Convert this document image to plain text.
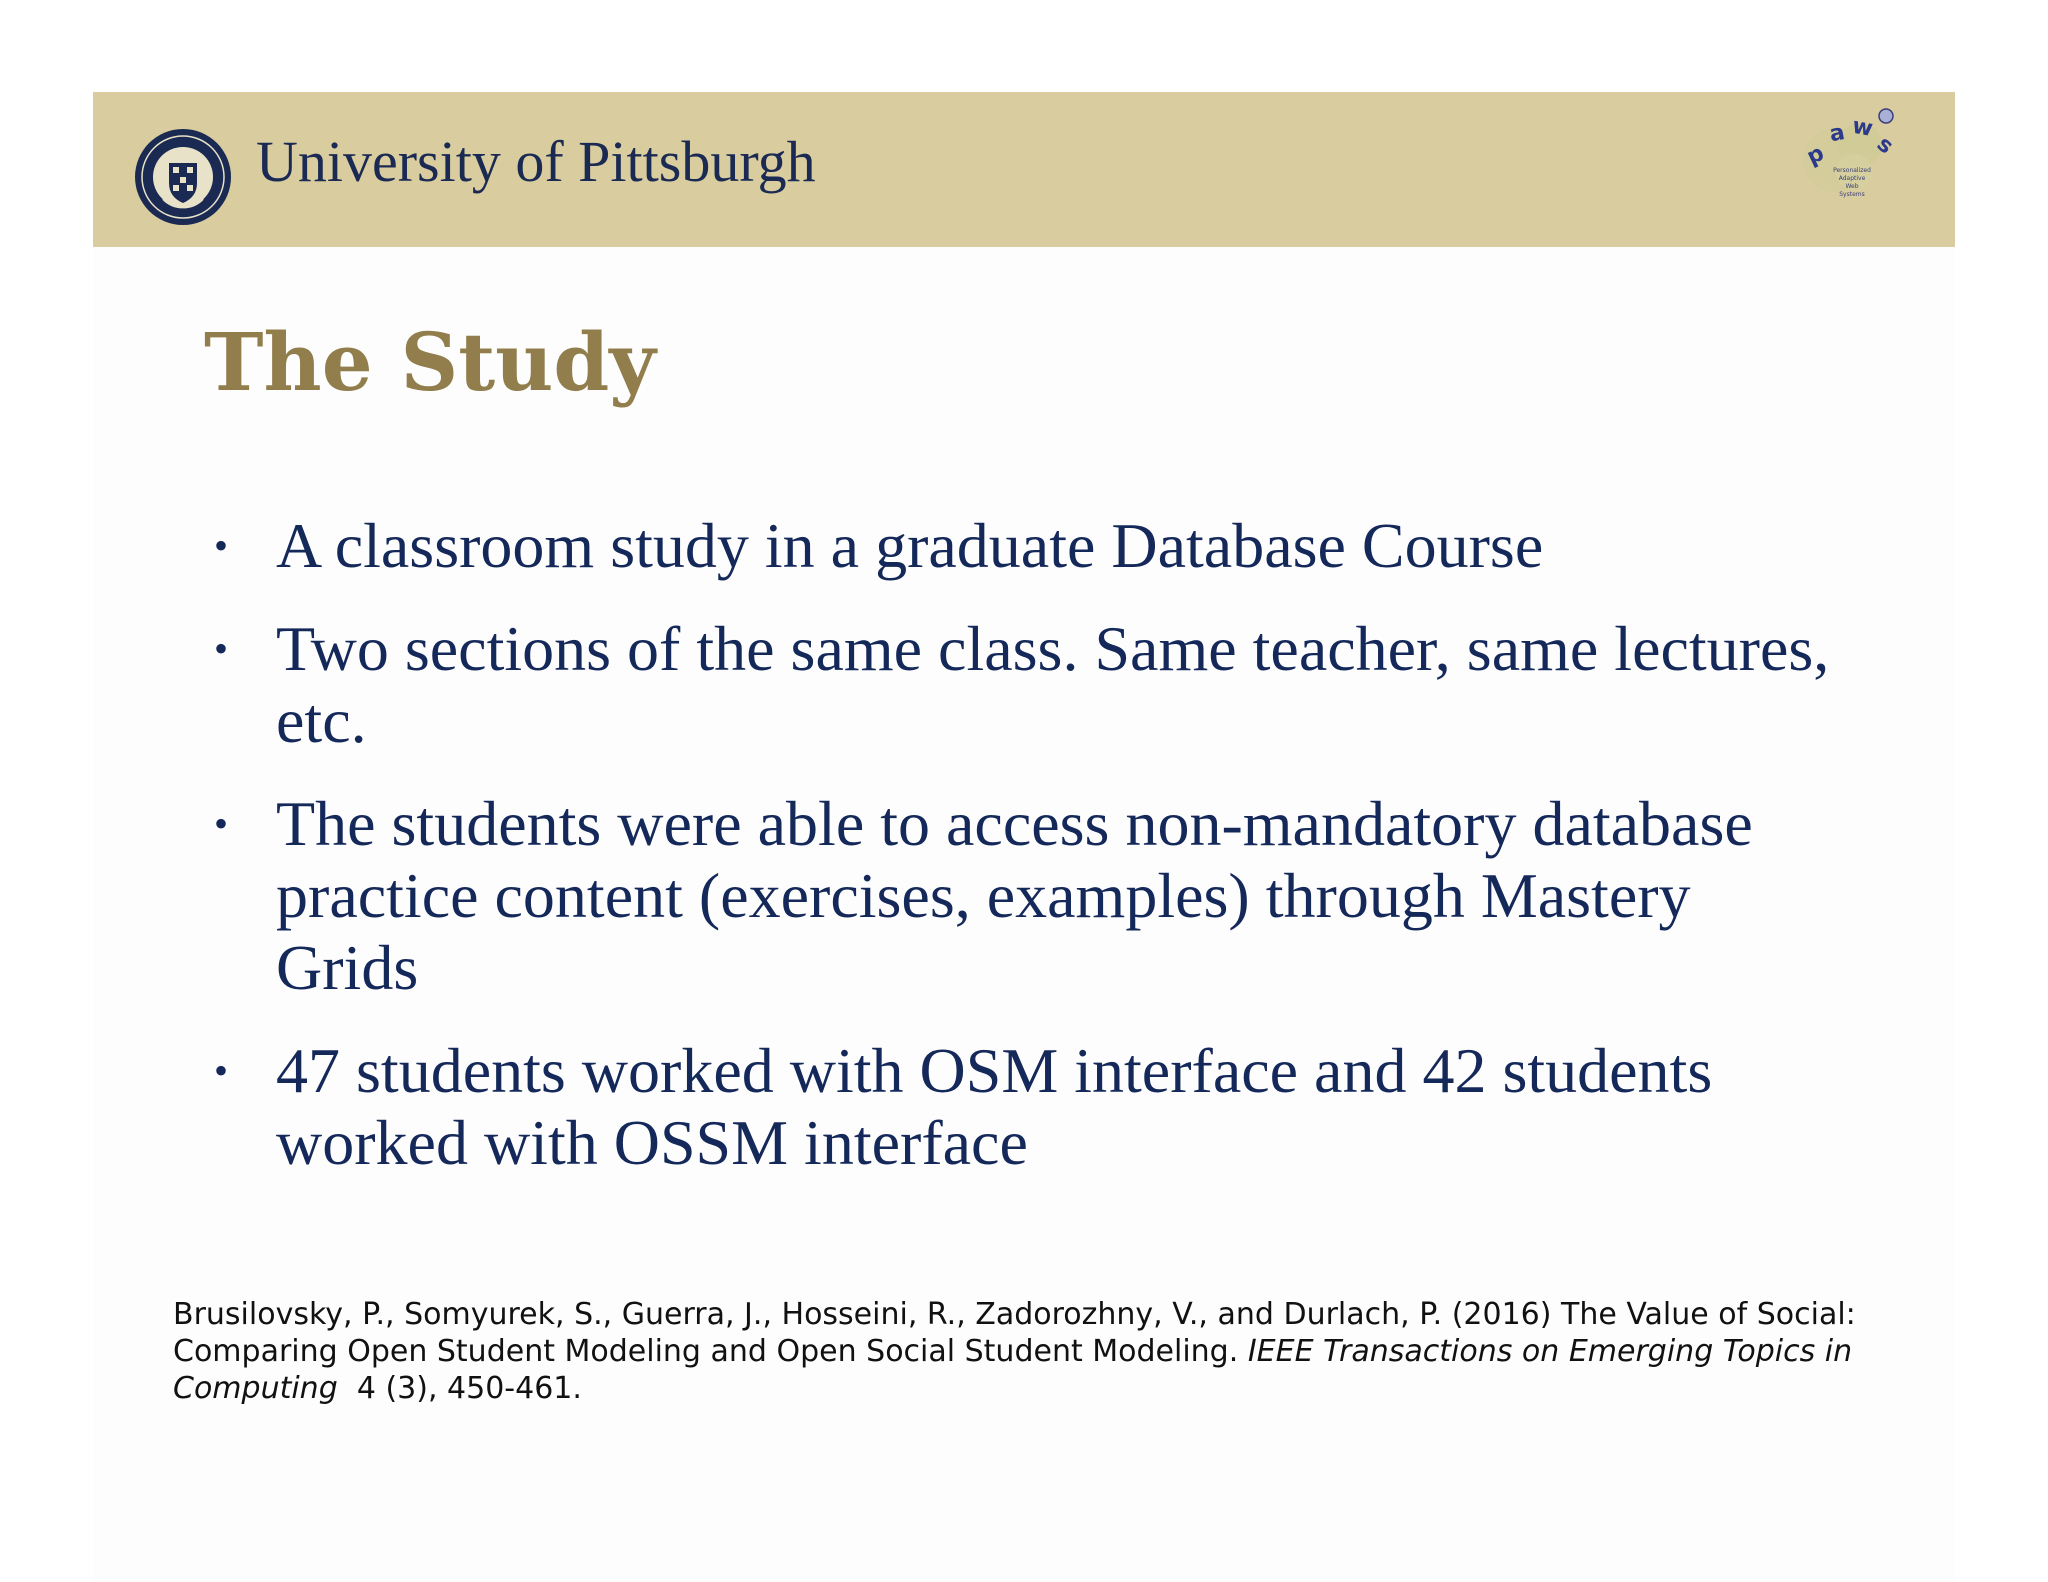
University of Pittsburgh	p
a w
s
Personalized
Adaptive
Web
Systems
The Study
• A classroom study in a graduate Database Course
• Two sections of the same class. Same teacher, same lectures, etc.
• The students were able to access non-mandatory database practice content (exercises, examples) through Mastery Grids
• 47 students worked with OSM interface and 42 students worked with OSSM interface

Brusilovsky, P., Somyurek, S., Guerra, J., Hosseini, R., Zadorozhny, V., and Durlach, P. (2016) The Value of Social: Comparing Open Student Modeling and Open Social Student Modeling. IEEE Transactions on Emerging Topics in Computing 4 (3), 450-461.
